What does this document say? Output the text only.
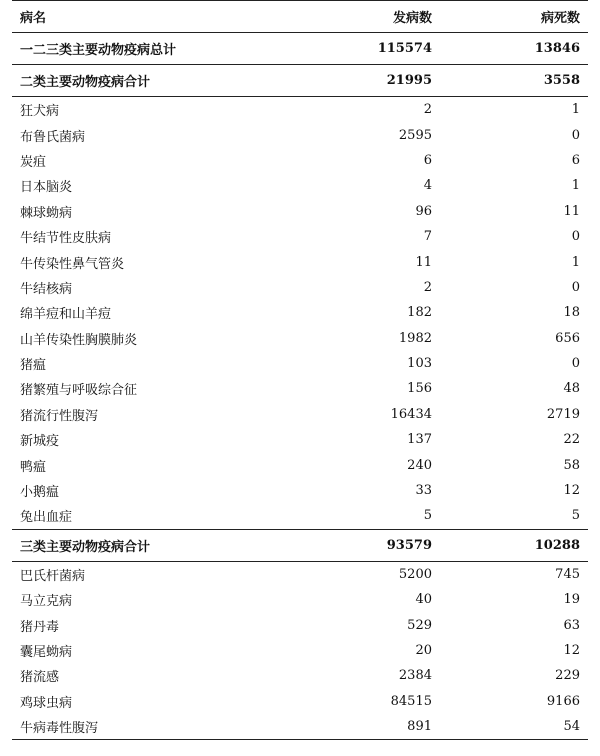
病名	发病数	病死数
一二三类主要动物疫病总计	115574	13846
二类主要动物疫病合计	21995	3558
狂犬病	2	1
布鲁氏菌病	2595	0
炭疽	6	6
日本脑炎	4	1
棘球蚴病	96	11
牛结节性皮肤病	7	0
牛传染性鼻气管炎	11	1
牛结核病	2	0
绵羊痘和山羊痘	182	18
山羊传染性胸膜肺炎	1982	656
猪瘟	103	0
猪繁殖与呼吸综合征	156	48
猪流行性腹泻	16434	2719
新城疫	137	22
鸭瘟	240	58
小鹅瘟	33	12
兔出血症	5	5
三类主要动物疫病合计	93579	10288
巴氏杆菌病	5200	745
马立克病	40	19
猪丹毒	529	63
囊尾蚴病	20	12
猪流感	2384	229
鸡球虫病	84515	9166
牛病毒性腹泻	891	54
